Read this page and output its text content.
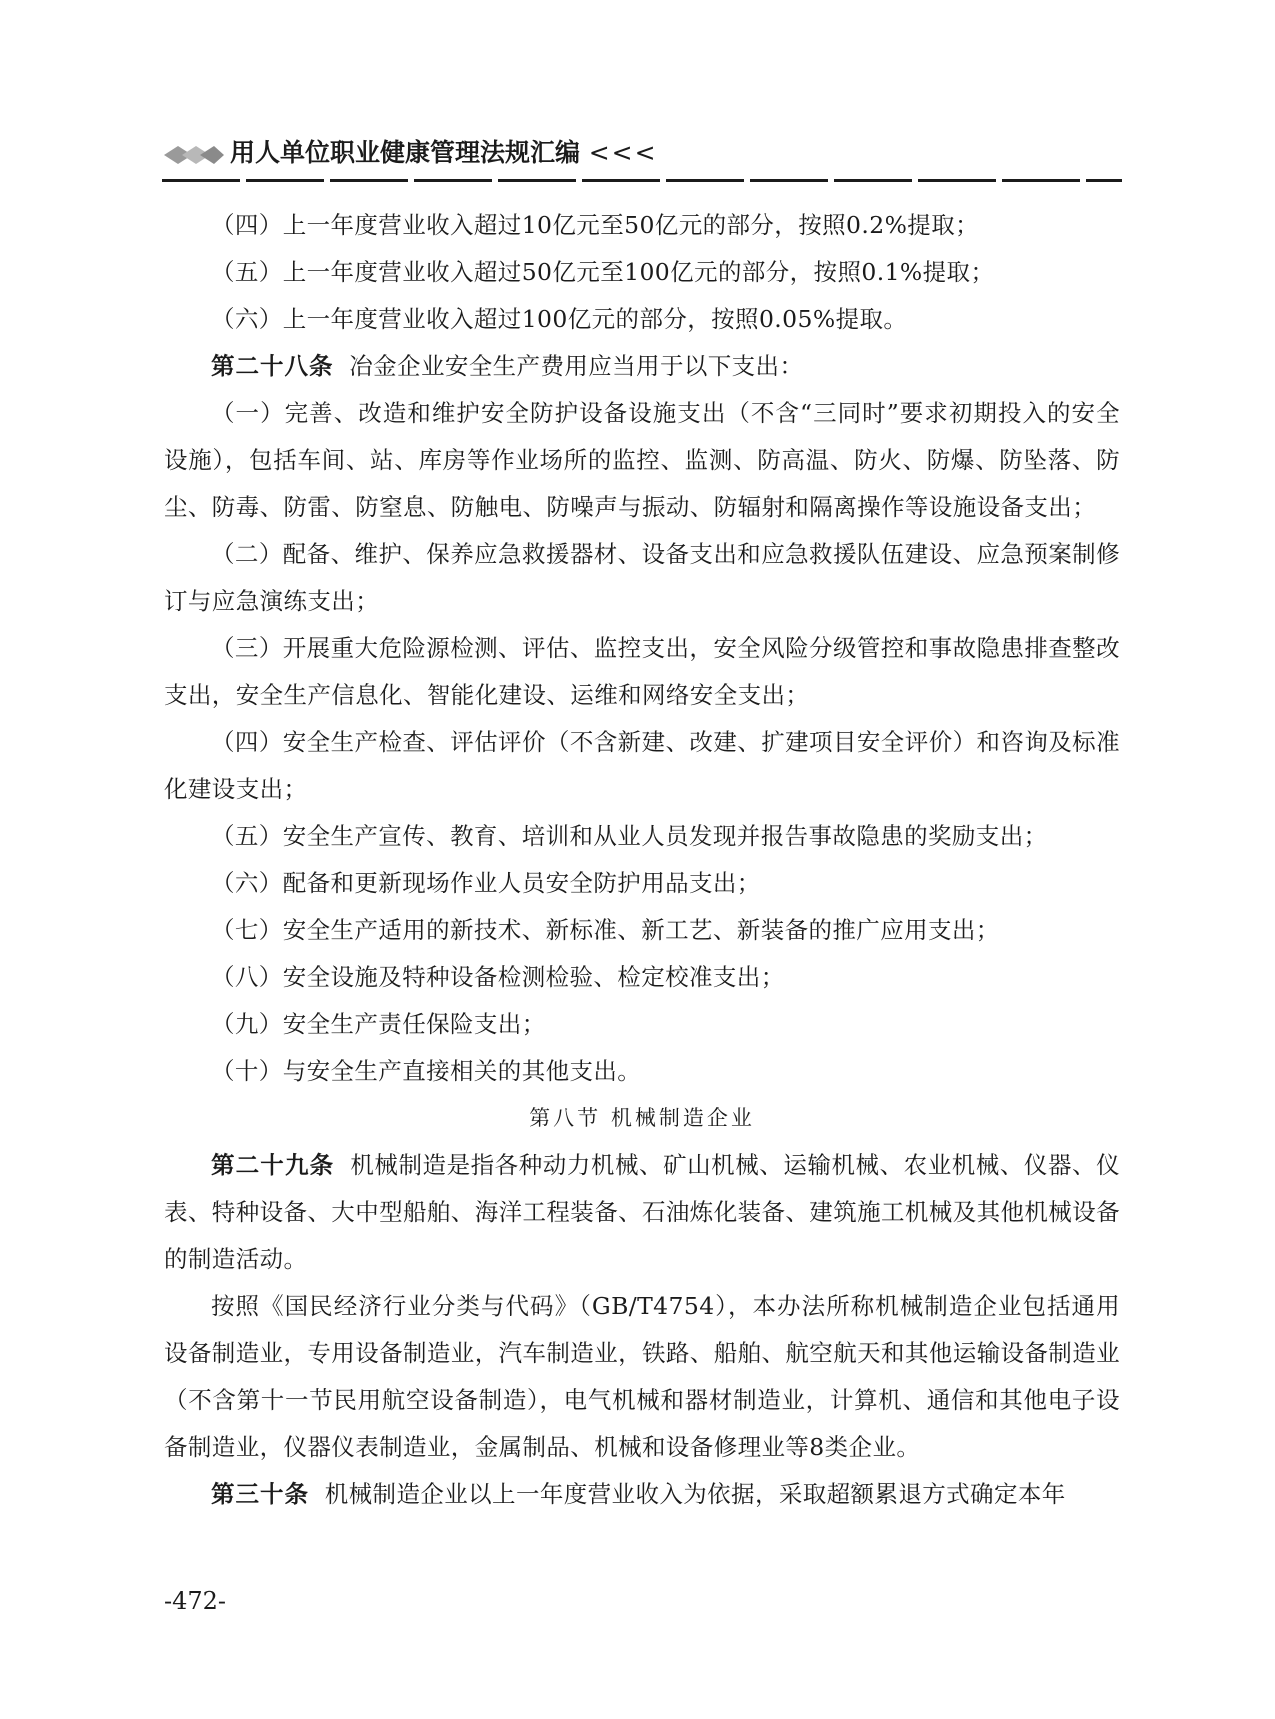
用人单位职业健康管理法规汇编 <<<

（四）上一年度营业收入超过10亿元至50亿元的部分，按照0.2%提取；

（五）上一年度营业收入超过50亿元至100亿元的部分，按照0.1%提取；

（六）上一年度营业收入超过100亿元的部分，按照0.05%提取。

第二十八条 冶金企业安全生产费用应当用于以下支出：

（一）完善、改造和维护安全防护设备设施支出（不含“三同时”要求初期投入的安全设施），包括车间、站、库房等作业场所的监控、监测、防高温、防火、防爆、防坠落、防尘、防毒、防雷、防窒息、防触电、防噪声与振动、防辐射和隔离操作等设施设备支出；

（二）配备、维护、保养应急救援器材、设备支出和应急救援队伍建设、应急预案制修订与应急演练支出；

（三）开展重大危险源检测、评估、监控支出，安全风险分级管控和事故隐患排查整改支出，安全生产信息化、智能化建设、运维和网络安全支出；

（四）安全生产检查、评估评价（不含新建、改建、扩建项目安全评价）和咨询及标准化建设支出；

（五）安全生产宣传、教育、培训和从业人员发现并报告事故隐患的奖励支出；

（六）配备和更新现场作业人员安全防护用品支出；

（七）安全生产适用的新技术、新标准、新工艺、新装备的推广应用支出；

（八）安全设施及特种设备检测检验、检定校准支出；

（九）安全生产责任保险支出；

（十）与安全生产直接相关的其他支出。

第八节 机械制造企业

第二十九条 机械制造是指各种动力机械、矿山机械、运输机械、农业机械、仪器、仪表、特种设备、大中型船舶、海洋工程装备、石油炼化装备、建筑施工机械及其他机械设备的制造活动。

按照《国民经济行业分类与代码》（GB/T4754），本办法所称机械制造企业包括通用设备制造业，专用设备制造业，汽车制造业，铁路、船舶、航空航天和其他运输设备制造业（不含第十一节民用航空设备制造），电气机械和器材制造业，计算机、通信和其他电子设备制造业，仪器仪表制造业，金属制品、机械和设备修理业等8类企业。

第三十条 机械制造企业以上一年度营业收入为依据，采取超额累退方式确定本年

-472-
